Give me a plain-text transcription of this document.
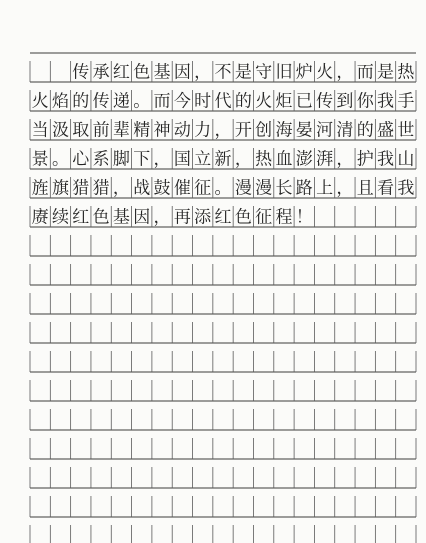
传 承 红 色 基 因 ， 不 是 守 旧 炉 火 ， 而 是 热
火 焰 的 传 递 。 而 今 时 代 的 火 炬 已 传 到 你 我 手
当 汲 取 前 辈 精 神 动 力 ， 开 创 海 晏 河 清 的 盛 世
景 。 心 系 脚 下 ， 国 立 新 ， 热 血 澎 湃 ， 护 我 山
旌 旗 猎 猎 ， 战 鼓 催 征 。 漫 漫 长 路 上 ， 且 看 我
赓 续 红 色 基 因 ， 再 添 红 色 征 程 ！
